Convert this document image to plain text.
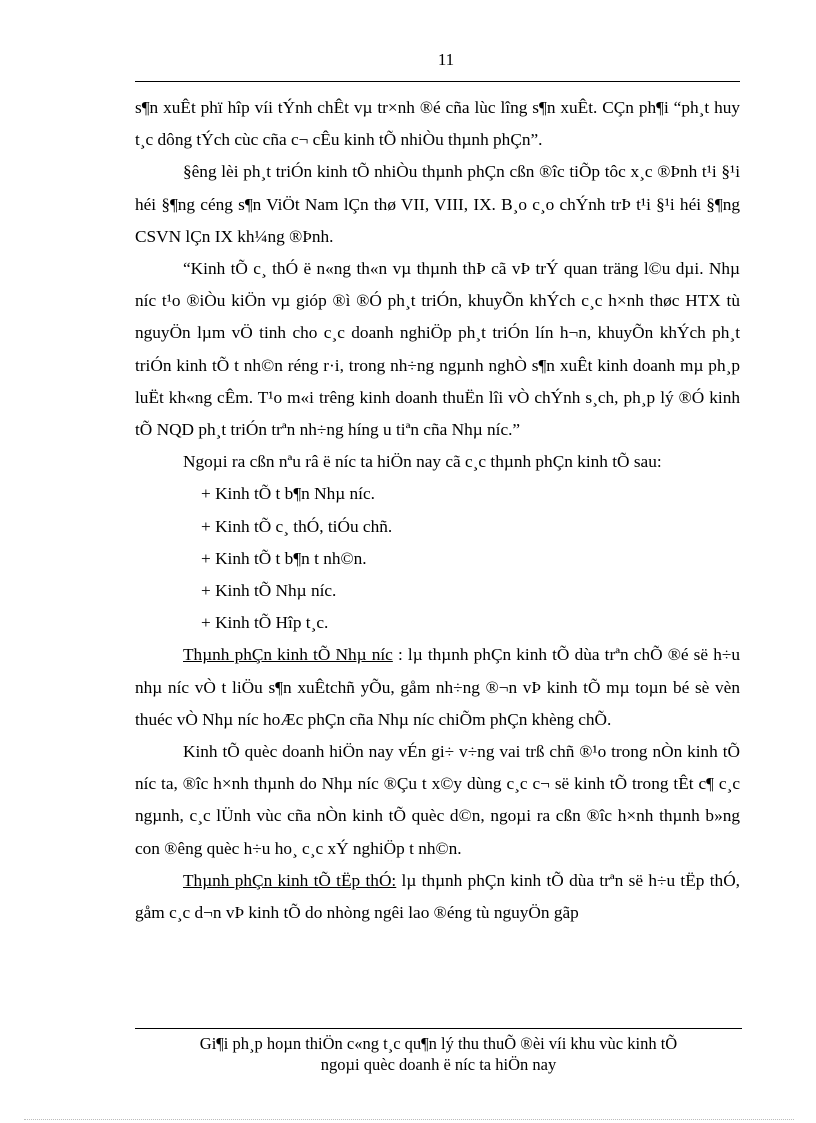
11

s¶n xuÊt phï hîp víi tÝnh chÊt vµ tr×nh ®é cña lùc lîng s¶n xuÊt. CÇn ph¶i “ph¸t huy t¸c dông tÝch cùc cña c¬ cÊu kinh tÕ nhiÒu thµnh phÇn”.

§êng lèi ph¸t triÓn kinh tÕ nhiÒu thµnh phÇn cßn ®îc tiÕp tôc x¸c ®Þnh t¹i §¹i héi §¶ng céng s¶n ViÖt Nam lÇn thø VII, VIII, IX. B¸o c¸o chÝnh trÞ t¹i §¹i héi §¶ng CSVN lÇn IX kh¼ng ®Þnh.

“Kinh tÕ c¸ thÓ ë n«ng th«n vµ thµnh thÞ cã vÞ trÝ quan träng l©u dµi. Nhµ níc t¹o ®iÒu kiÖn vµ gióp ®ì ®Ó ph¸t triÓn, khuyÕn khÝch c¸c h×nh thøc HTX tù nguyÖn lµm vÖ tinh cho c¸c doanh nghiÖp ph¸t triÓn lín h¬n, khuyÕn khÝch ph¸t triÓn kinh tÕ t nh©n réng r·i, trong nh÷ng ngµnh nghÒ s¶n xuÊt kinh doanh mµ ph¸p luËt kh«ng cÊm. T¹o m«i trêng kinh doanh thuËn lîi vÒ chÝnh s¸ch, ph¸p lý ®Ó kinh tÕ NQD ph¸t triÓn trªn nh÷ng híng u tiªn cña Nhµ níc.”

Ngoµi ra cßn nªu râ ë níc ta hiÖn nay cã c¸c thµnh phÇn kinh tÕ sau:

+ Kinh tÕ t b¶n Nhµ níc.
+ Kinh tÕ c¸ thÓ, tiÓu chñ.
+ Kinh tÕ t b¶n t nh©n.
+ Kinh tÕ Nhµ níc.
+ Kinh tÕ Hîp t¸c.

Thµnh phÇn kinh tÕ Nhµ níc : lµ thµnh phÇn kinh tÕ dùa trªn chÕ ®é së h÷u nhµ níc vÒ t liÖu s¶n xuÊtchñ yÕu, gåm nh÷ng ®¬n vÞ kinh tÕ mµ toµn bé sè vèn thuéc vÒ Nhµ níc hoÆc phÇn cña Nhµ níc chiÕm phÇn khèng chÕ.

Kinh tÕ quèc doanh hiÖn nay vÉn gi÷ v÷ng vai trß chñ ®¹o trong nÒn kinh tÕ níc ta, ®îc h×nh thµnh do Nhµ níc ®Çu t x©y dùng c¸c c¬ së kinh tÕ trong tÊt c¶ c¸c ngµnh, c¸c lÜnh vùc cña nÒn kinh tÕ quèc d©n, ngoµi ra cßn ®îc h×nh thµnh b»ng con ®êng quèc h÷u ho¸ c¸c xÝ nghiÖp t nh©n.

Thµnh phÇn kinh tÕ tËp thÓ: lµ thµnh phÇn kinh tÕ dùa trªn së h÷u tËp thÓ, gåm c¸c d¬n vÞ kinh tÕ do nhòng ngêi lao ®éng tù nguyÖn gãp

Gi¶i ph¸p hoµn thiÖn c«ng t¸c qu¶n lý thu thuÕ ®èi víi khu vùc kinh tÕ
ngoµi quèc doanh ë níc ta hiÖn nay
